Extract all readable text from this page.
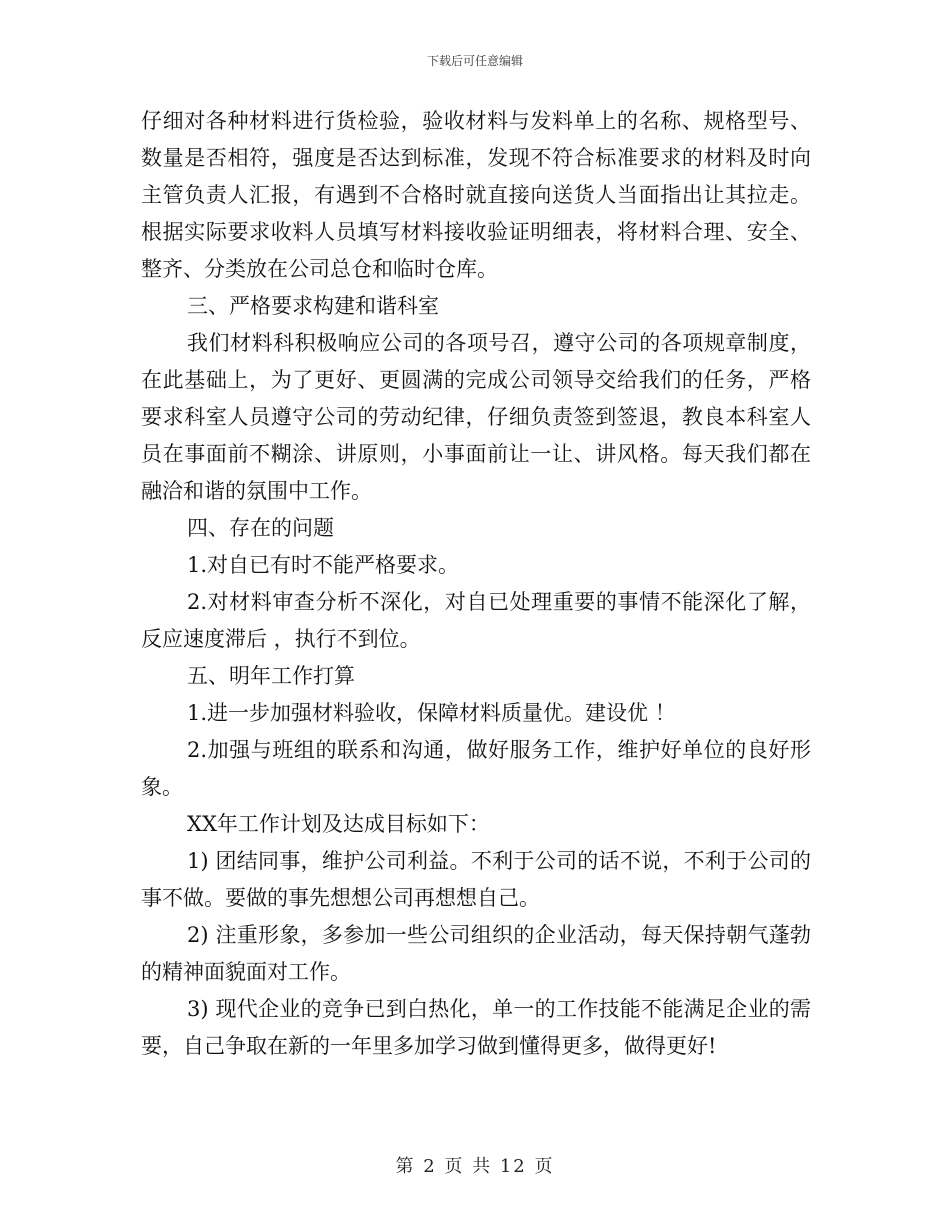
下载后可任意编辑

仔细对各种材料进行货检验，验收材料与发料单上的名称、规格型号、数量是否相符，强度是否达到标准，发现不符合标准要求的材料及时向主管负责人汇报，有遇到不合格时就直接向送货人当面指出让其拉走。根据实际要求收料人员填写材料接收验证明细表，将材料合理、安全、整齐、分类放在公司总仓和临时仓库。

三、严格要求构建和谐科室

我们材料科积极响应公司的各项号召，遵守公司的各项规章制度，在此基础上，为了更好、更圆满的完成公司领导交给我们的任务，严格要求科室人员遵守公司的劳动纪律，仔细负责签到签退，教良本科室人员在事面前不糊涂、讲原则，小事面前让一让、讲风格。每天我们都在融洽和谐的氛围中工作。

四、存在的问题

1.对自已有时不能严格要求。

2.对材料审查分析不深化，对自已处理重要的事情不能深化了解，反应速度滞后 ，执行不到位。

五、明年工作打算

1.进一步加强材料验收，保障材料质量优。建设优 ！

2.加强与班组的联系和沟通，做好服务工作，维护好单位的良好形象。

XX年工作计划及达成目标如下：

1) 团结同事，维护公司利益。不利于公司的话不说，不利于公司的事不做。要做的事先想想公司再想想自己。

2) 注重形象，多参加一些公司组织的企业活动，每天保持朝气蓬勃的精神面貌面对工作。

3) 现代企业的竞争已到白热化，单一的工作技能不能满足企业的需要，自己争取在新的一年里多加学习做到懂得更多，做得更好!

第 2 页 共 12 页
